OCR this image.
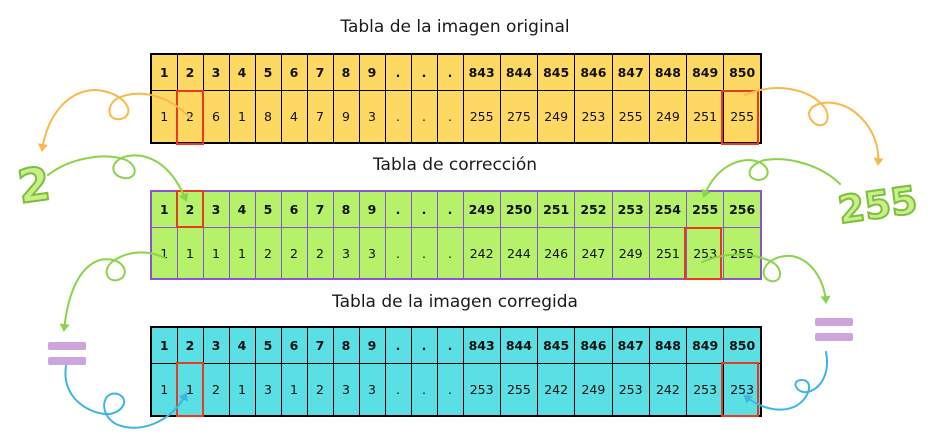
Tabla de la imagen original
Tabla de corrección
Tabla de la imagen corregida
1	2	3	4	5	6	7	8	9	.	.	.	843	844	845	846	847	848	849	850
1	2	6	1	8	4	7	9	3	.	.	.	255	275	249	253	255	249	251	255
1	2	3	4	5	6	7	8	9	.	.	.	249	250	251	252	253	254	255	256
1	1	1	1	2	2	2	3	3	.	.	.	242	244	246	247	249	251	253	255
1	2	3	4	5	6	7	8	9	.	.	.	843	844	845	846	847	848	849	850
1	1	2	1	3	1	2	3	3	.	.	.	253	255	242	249	253	242	253	253
2	255
